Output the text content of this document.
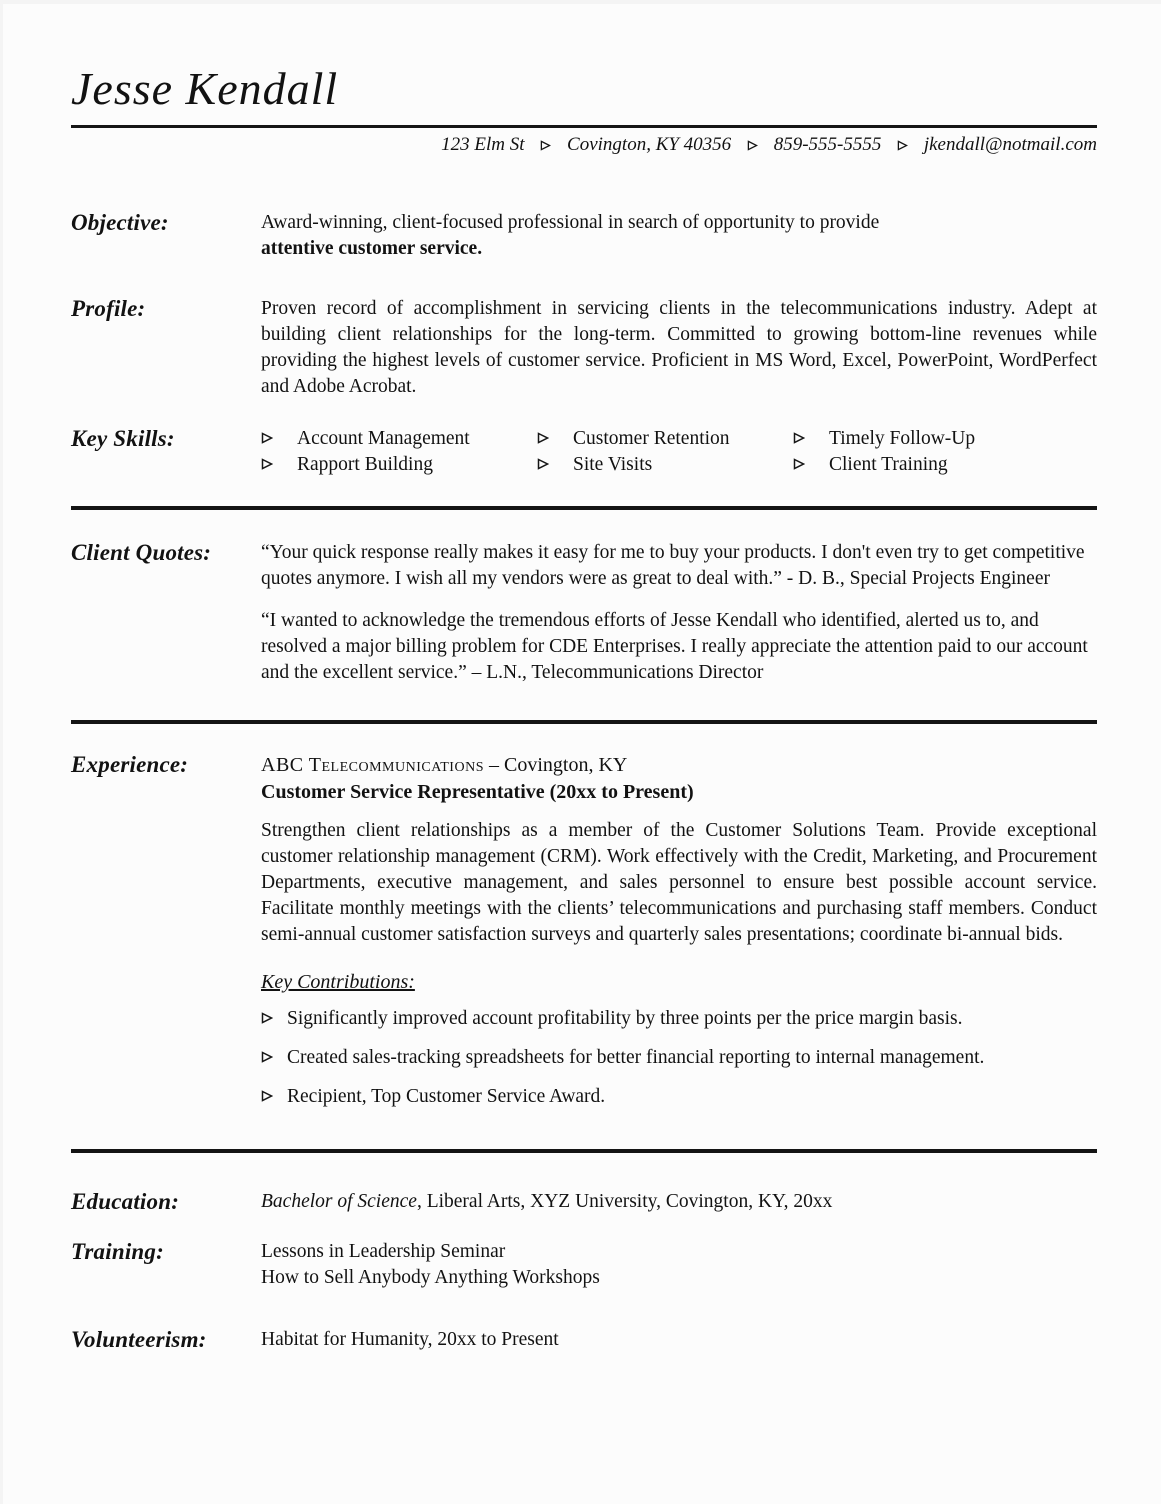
Jesse Kendall
123 Elm St Covington, KY 40356 859-555-5555 jkendall@notmail.com
Objective:	Award-winning, client-focused professional in search of opportunity to provide
attentive customer service.
Profile:	Proven record of accomplishment in servicing clients in the telecommunications industry. Adept at building client relationships for the long-term. Committed to growing bottom-line revenues while providing the highest levels of customer service. Proficient in MS Word, Excel, PowerPoint, WordPerfect and Adobe Acrobat.
Key Skills:	Account Management
Rapport Building
Customer Retention
Site Visits
Timely Follow-Up
Client Training
Client Quotes:	“Your quick response really makes it easy for me to buy your products. I don't even try to get competitive quotes anymore. I wish all my vendors were as great to deal with.” - D. B., Special Projects Engineer

“I wanted to acknowledge the tremendous efforts of Jesse Kendall who identified, alerted us to, and resolved a major billing problem for CDE Enterprises. I really appreciate the attention paid to our account and the excellent service.” – L.N., Telecommunications Director

Experience:	ABC Telecommunications – Covington, KY
Customer Service Representative (20xx to Present)
Strengthen client relationships as a member of the Customer Solutions Team. Provide exceptional customer relationship management (CRM). Work effectively with the Credit, Marketing, and Procurement Departments, executive management, and sales personnel to ensure best possible account service. Facilitate monthly meetings with the clients’ telecommunications and purchasing staff members. Conduct semi-annual customer satisfaction surveys and quarterly sales presentations; coordinate bi-annual bids.
Key Contributions:
Significantly improved account profitability by three points per the price margin basis.
Created sales-tracking spreadsheets for better financial reporting to internal management.
Recipient, Top Customer Service Award.
Education:	Bachelor of Science, Liberal Arts, XYZ University, Covington, KY, 20xx
Training:	Lessons in Leadership Seminar
How to Sell Anybody Anything Workshops
Volunteerism:	Habitat for Humanity, 20xx to Present
